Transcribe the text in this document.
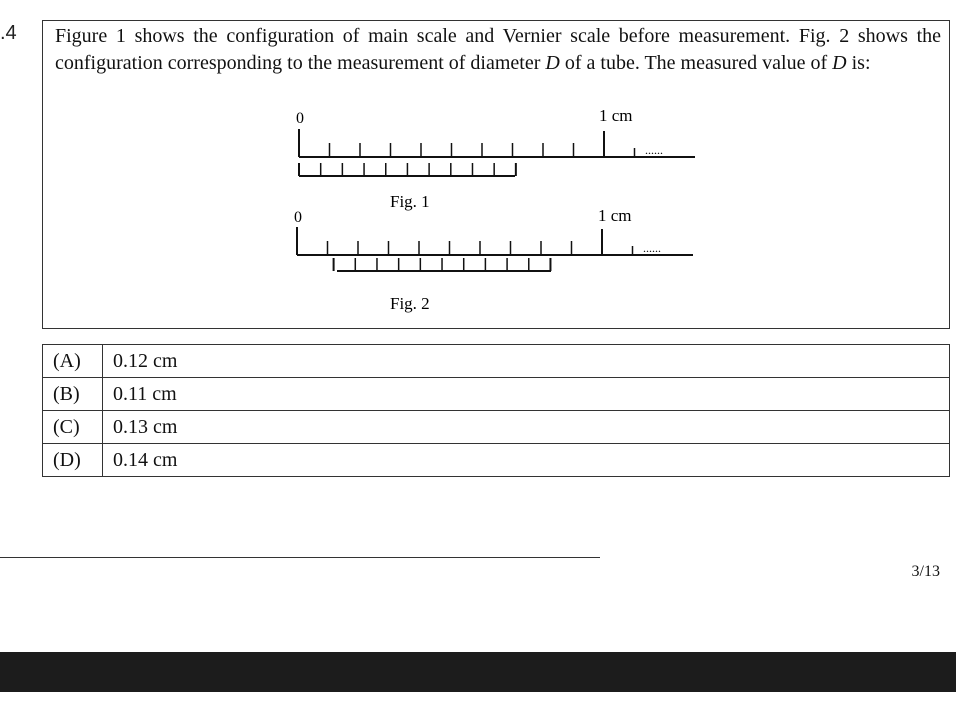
.4 Figure 1 shows the configuration of main scale and Vernier scale before measurement. Fig. 2 shows the configuration corresponding to the measurement of diameter D of a tube. The measured value of D is:
0	1 cm
......
Fig. 1
0	1 cm
......
Fig. 2
(A)	0.12 cm
(B)	0.11 cm
(C)	0.13 cm
(D)	0.14 cm
3/13
